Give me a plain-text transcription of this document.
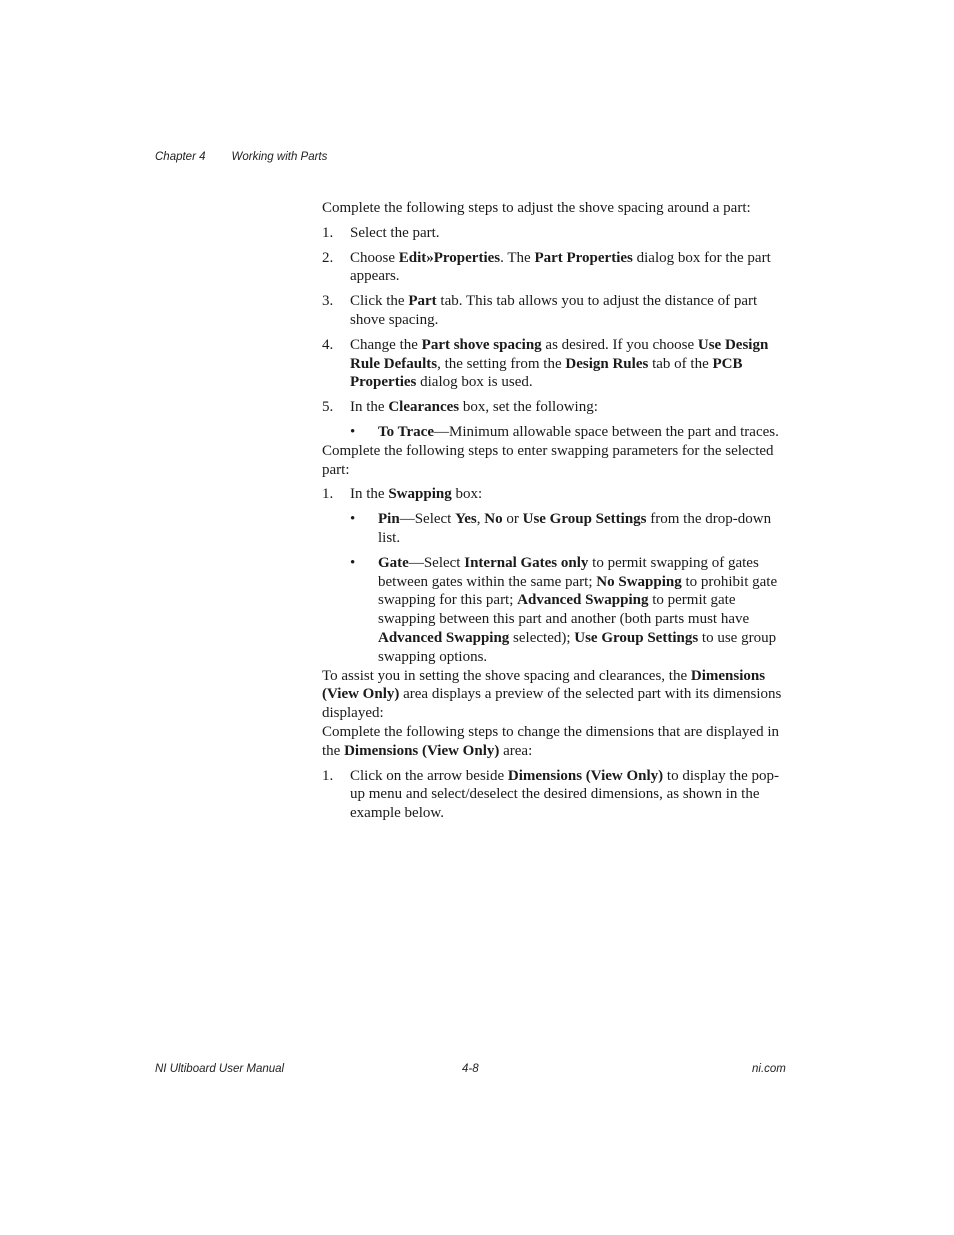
Chapter 4 Working with Parts

Complete the following steps to adjust the shove spacing around a part:

1.	Select the part.
2.	Choose Edit»Properties. The Part Properties dialog box for the part appears.
3.	Click the Part tab. This tab allows you to adjust the distance of part shove spacing.
4.	Change the Part shove spacing as desired. If you choose Use Design Rule Defaults, the setting from the Design Rules tab of the PCB Properties dialog box is used.
5.	In the Clearances box, set the following:
•	To Trace—Minimum allowable space between the part and traces.

Complete the following steps to enter swapping parameters for the selected part:

1.	In the Swapping box:
•	Pin—Select Yes, No or Use Group Settings from the drop-down list.
•	Gate—Select Internal Gates only to permit swapping of gates between gates within the same part; No Swapping to prohibit gate swapping for this part; Advanced Swapping to permit gate swapping between this part and another (both parts must have Advanced Swapping selected); Use Group Settings to use group swapping options.

To assist you in setting the shove spacing and clearances, the Dimensions (View Only) area displays a preview of the selected part with its dimensions displayed:

Complete the following steps to change the dimensions that are displayed in the Dimensions (View Only) area:

1.	Click on the arrow beside Dimensions (View Only) to display the pop-up menu and select/deselect the desired dimensions, as shown in the example below.
NI Ultiboard User Manual	4-8	ni.com
